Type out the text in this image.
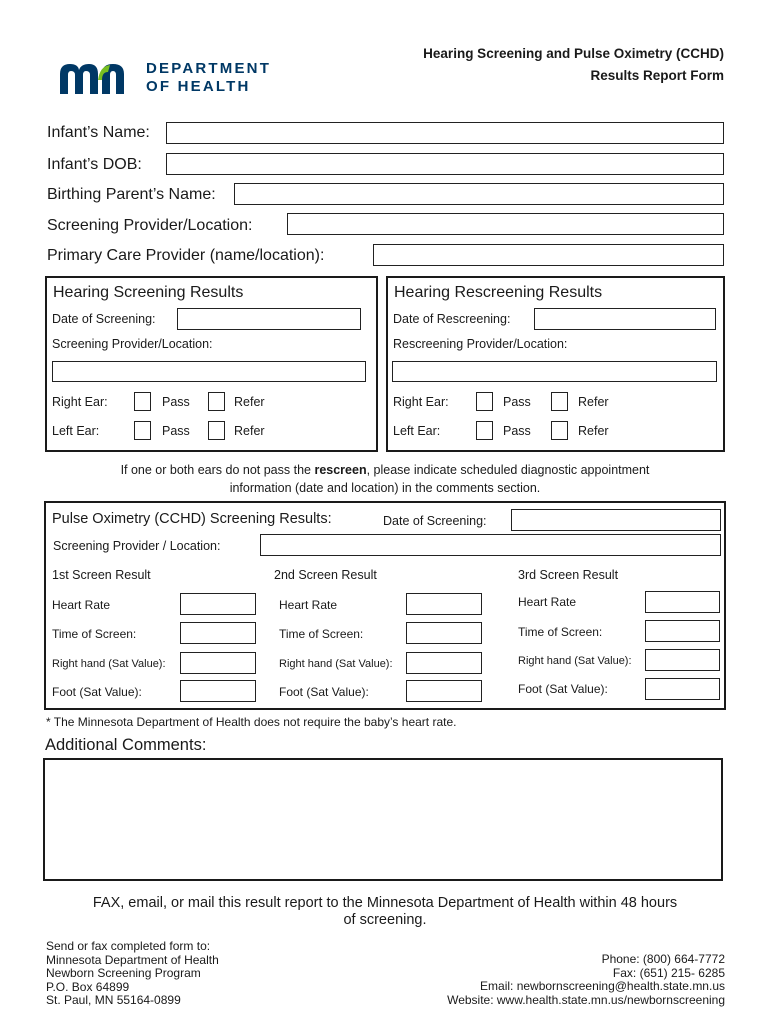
DEPARTMENT
OF HEALTH
Hearing Screening and Pulse Oximetry (CCHD)
Results Report Form
Infant’s Name:
Infant’s DOB:
Birthing Parent’s Name:
Screening Provider/Location:
Primary Care Provider (name/location):
Hearing Screening Results
Date of Screening:
Screening Provider/Location:
Right Ear:	Pass	Refer
Left Ear:	Pass	Refer
Hearing Rescreening Results
Date of Rescreening:
Rescreening Provider/Location:
Right Ear:	Pass	Refer
Left Ear:	Pass	Refer
If one or both ears do not pass the rescreen, please indicate scheduled diagnostic appointment
information (date and location) in the comments section.
Pulse Oximetry (CCHD) Screening Results:	Date of Screening:
Screening Provider / Location:
1st Screen Result
Heart Rate
Time of Screen:
Right hand (Sat Value):
Foot (Sat Value):
2nd Screen Result
Heart Rate
Time of Screen:
Right hand (Sat Value):
Foot (Sat Value):
3rd Screen Result
Heart Rate
Time of Screen:
Right hand (Sat Value):
Foot (Sat Value):
* The Minnesota Department of Health does not require the baby’s heart rate.
Additional Comments:
FAX, email, or mail this result report to the Minnesota Department of Health within 48 hours
of screening.
Send or fax completed form to:
Minnesota Department of Health
Newborn Screening Program
P.O. Box 64899
St. Paul, MN 55164-0899
Phone: (800) 664-7772
Fax: (651) 215- 6285
Email: newbornscreening@health.state.mn.us
Website: www.health.state.mn.us/newbornscreening
